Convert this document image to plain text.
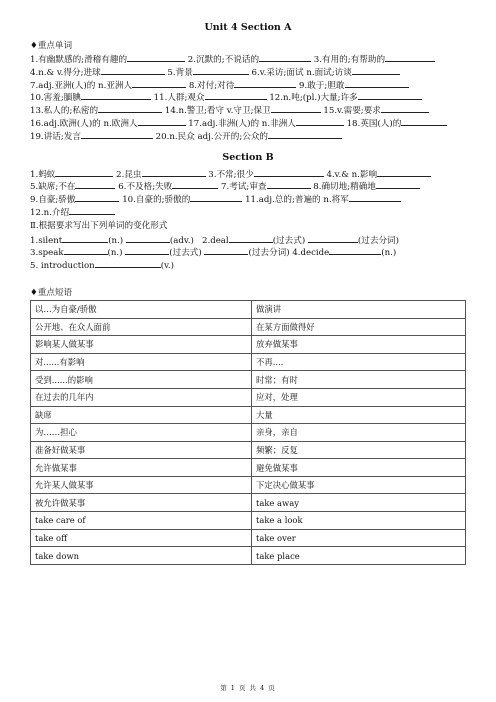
Unit 4 Section A
♦重点单词
1.有幽默感的;滑稽有趣的	2.沉默的;不说话的	3.有用的;有帮助的
4.n.& v.得分;进球	5.背景	6.v.采访;面试 n.面试;访谈
7.adj.亚洲(人)的 n.亚洲人	8.对付;对待	9.敢于;胆敢
10.害羞;腼腆	11.人群;观众	12.n.吨;(pl.)大量;许多
13.私人的;私密的	14.n.警卫;看守 v.守卫;保卫	15.v.需要;要求
16.adj.欧洲(人)的 n.欧洲人	17.adj.非洲(人)的 n.非洲人	18.英国(人)的
19.讲话;发言	20.n.民众 adj.公开的;公众的
Section B
1.蚂蚁	2.昆虫	3.不常;很少	4.v.& n.影响
5.缺席;不在	6.不及格;失败	7.考试;审查	8.确切地;精确地
9.自豪;骄傲	10.自豪的;骄傲的	11.adj.总的;普遍的 n.将军
12.n.介绍
Ⅱ.根据要求写出下列单词的变化形式
1.silent	(n.)	(adv.) 2.deal	(过去式)	(过去分词)
3.speak	(n.)	(过去式)	(过去分词) 4.decide	(n.)
5. introduction	(v.)
♦重点短语
以…为自豪/骄傲	做演讲
公开地、在众人面前	在某方面做得好
影响某人做某事	放弃做某事
对......有影响	不再....
受到......的影响	时常；有时
在过去的几年内	应对，处理
缺席	大量
为……担心	亲身，亲自
准备好做某事	频繁；反复
允许做某事	避免做某事
允许某人做某事	下定决心做某事
被允许做某事	take away
take care of	take a look
take off	take over
take down	take place
第 1 页 共 4 页
